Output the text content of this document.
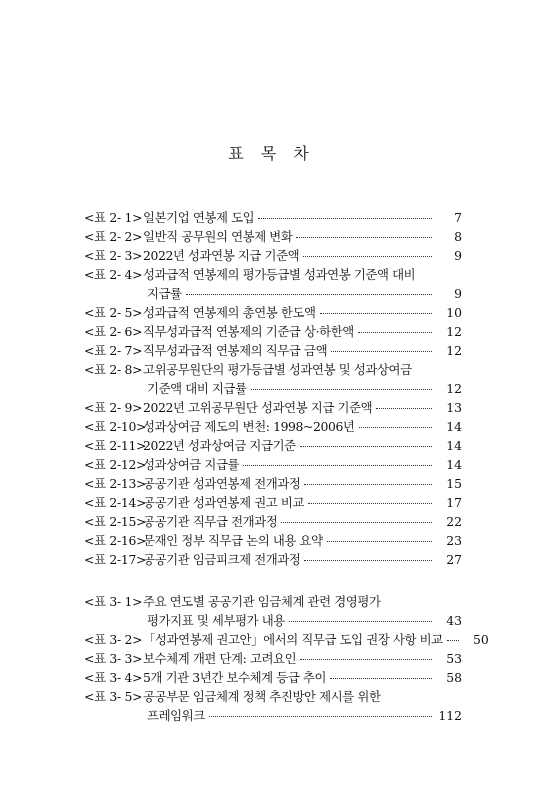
표 목 차
<표 2- 1> 일본기업 연봉제 도입	7
<표 2- 2> 일반직 공무원의 연봉제 변화	8
<표 2- 3> 2022년 성과연봉 지급 기준액	9
<표 2- 4> 성과급적 연봉제의 평가등급별 성과연봉 기준액 대비
지급률	9
<표 2- 5> 성과급적 연봉제의 총연봉 한도액	10
<표 2- 6> 직무성과급적 연봉제의 기준급 상·하한액	12
<표 2- 7> 직무성과급적 연봉제의 직무급 금액	12
<표 2- 8> 고위공무원단의 평가등급별 성과연봉 및 성과상여금
기준액 대비 지급률	12
<표 2- 9> 2022년 고위공무원단 성과연봉 지급 기준액	13
<표 2-10>
성과상여금 제도의 변천: 1998~2006년	14
<표 2-11>
2022년 성과상여금 지급기준	14
<표 2-12>
성과상여금 지급률	14
<표 2-13>
공공기관 성과연봉제 전개과정	15
<표 2-14>
공공기관 성과연봉제 권고 비교	17
<표 2-15>
공공기관 직무급 전개과정	22
<표 2-16>
문재인 정부 직무급 논의 내용 요약	23
<표 2-17>
공공기관 임금피크제 전개과정	27
<표 3- 1> 주요 연도별 공공기관 임금체계 관련 경영평가
평가지표 및 세부평가 내용	43
<표 3- 2> 「성과연봉제 권고안」에서의 직무급 도입 권장 사항 비교	50
<표 3- 3> 보수체계 개편 단계: 고려요인	53
<표 3- 4> 5개 기관 3년간 보수체계 등급 추이	58
<표 3- 5> 공공부문 임금체계 정책 추진방안 제시를 위한
프레임워크	112
